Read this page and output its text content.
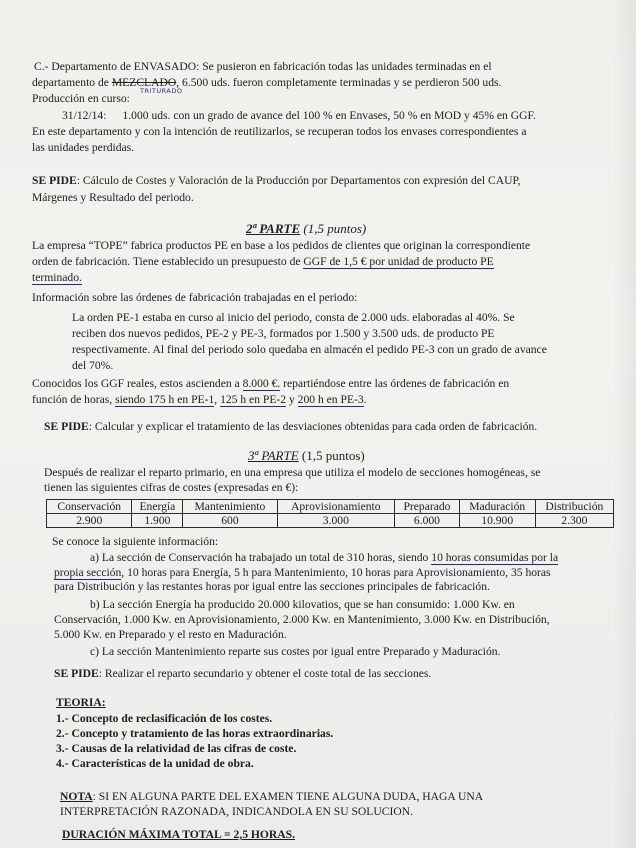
C.- Departamento de ENVASADO: Se pusieron en fabricación todas las unidades terminadas en el
departamento de MEZCLADO, 6.500 uds. fueron completamente terminadas y se perdieron 500 uds.
TRITURADO
Producción en curso:
31/12/14: 1.000 uds. con un grado de avance del 100 % en Envases, 50 % en MOD y 45% en GGF.
En este departamento y con la intención de reutilizarlos, se recuperan todos los envases correspondientes a
las unidades perdidas.
SE PIDE: Cálculo de Costes y Valoración de la Producción por Departamentos con expresión del CAUP,
Márgenes y Resultado del periodo.
2ª PARTE (1,5 puntos)
La empresa “TOPE” fabrica productos PE en base a los pedidos de clientes que originan la correspondiente
orden de fabricación. Tiene establecido un presupuesto de GGF de 1,5 € por unidad de producto PE
terminado.
Información sobre las órdenes de fabricación trabajadas en el periodo:
La orden PE-1 estaba en curso al inicio del periodo, consta de 2.000 uds. elaboradas al 40%. Se
reciben dos nuevos pedidos, PE-2 y PE-3, formados por 1.500 y 3.500 uds. de producto PE
respectivamente. Al final del periodo solo quedaba en almacén el pedido PE-3 con un grado de avance
del 70%.
Conocidos los GGF reales, estos ascienden a 8.000 €. repartiéndose entre las órdenes de fabricación en
función de horas, siendo 175 h en PE-1, 125 h en PE-2 y 200 h en PE-3.
SE PIDE: Calcular y explicar el tratamiento de las desviaciones obtenidas para cada orden de fabricación.
3ª PARTE (1,5 puntos)
Después de realizar el reparto primario, en una empresa que utiliza el modelo de secciones homogéneas, se
tienen las siguientes cifras de costes (expresadas en €):
Conservación	Energía	Mantenimiento	Aprovisionamiento	Preparado	Maduración	Distribución
2.900	1.900	600	3.000	6.000	10.900	2.300
Se conoce la siguiente información:
a) La sección de Conservación ha trabajado un total de 310 horas, siendo 10 horas consumidas por la
propia sección, 10 horas para Energía, 5 h para Mantenimiento, 10 horas para Aprovisionamiento, 35 horas
para Distribución y las restantes horas por igual entre las secciones principales de fabricación.
b) La sección Energía ha producido 20.000 kilovatios, que se han consumido: 1.000 Kw. en
Conservación, 1.000 Kw. en Aprovisionamiento, 2.000 Kw. en Mantenimiento, 3.000 Kw. en Distribución,
5.000 Kw. en Preparado y el resto en Maduración.
c) La sección Mantenimiento reparte sus costes por igual entre Preparado y Maduración.
SE PIDE: Realizar el reparto secundario y obtener el coste total de las secciones.
TEORIA:
1.- Concepto de reclasificación de los costes.
2.- Concepto y tratamiento de las horas extraordinarias.
3.- Causas de la relatividad de las cifras de coste.
4.- Características de la unidad de obra.
NOTA: SI EN ALGUNA PARTE DEL EXAMEN TIENE ALGUNA DUDA, HAGA UNA
INTERPRETACIÓN RAZONADA, INDICANDOLA EN SU SOLUCION.
DURACIÓN MÁXIMA TOTAL = 2,5 HORAS.
